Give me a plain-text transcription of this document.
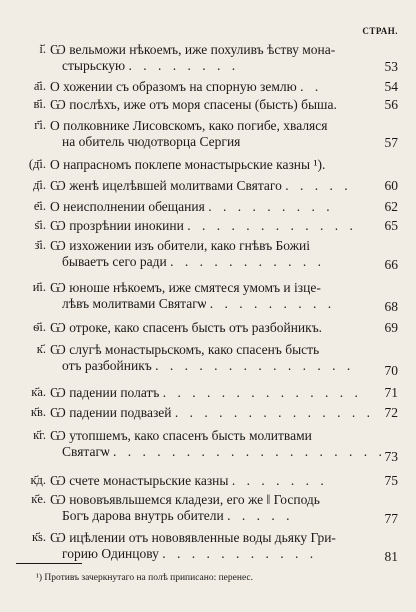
СТРАН.
і҃. Ѡ вельможи нѣкоемъ, иже похуливъ ѣству мона-
стырьскую . . . . . . . .	53
а҃і. О хожении съ образомъ на спорную землю . .	54
в҃і. Ѡ послѣхъ, иже отъ моря спасены (бысть) быша.	56
г҃і. О полковнике Лисовскомъ, како погибе, хваляся
на обитель чюдотворца Сергия	57
(д҃і. О напрасномъ поклепе монастырьские казны ¹).
д҃і. Ѡ женѣ ицелѣвшей молитвами Святаго . . . . .	60
е҃і. О неисполнении обещания . . . . . . . . .	62
ѕ҃і. Ѡ прозрѣнии инокини . . . . . . . . . . . .	65
з҃і. Ѡ изхожении изъ обители, како гнѣвъ Божиі
бываетъ сего ради . . . . . . . . . . .	66
и҃і. Ѡ юноше нѣкоемъ, иже смятеся умомъ и ізце-
лѣвъ молитвами Святагѡ . . . . . . . . .	68
ѳ҃і. Ѡ отроке, како спасенъ бысть отъ разбойникъ.	69
к҃. Ѡ слугѣ монастырьскомъ, како спасенъ бысть
отъ разбойникъ . . . . . . . . . . . . . .	70
к҃а. Ѡ падении полатъ . . . . . . . . . . . . . .	71
к҃в. Ѡ падении подвазей . . . . . . . . . . . . . . 72
к҃г. Ѡ утопшемъ, како спасенъ бысть молитвами
Святагѡ . . . . . . . . . . . . . . . . . . .
73
к҃д. Ѡ счете монастырьские казны . . . . . . .	75
к҃е. Ѡ нововъявльшемся кладези, его же ‖ Господь
Богъ дарова внутрь обители . . . . .	77
к҃ѕ. Ѡ ицѣлении отъ нововявленные воды дьяку Гри-
горию Одинцову . . . . . . . . . . .	81
¹) Противъ зачеркнутаго на полѣ приписано: перенес.
